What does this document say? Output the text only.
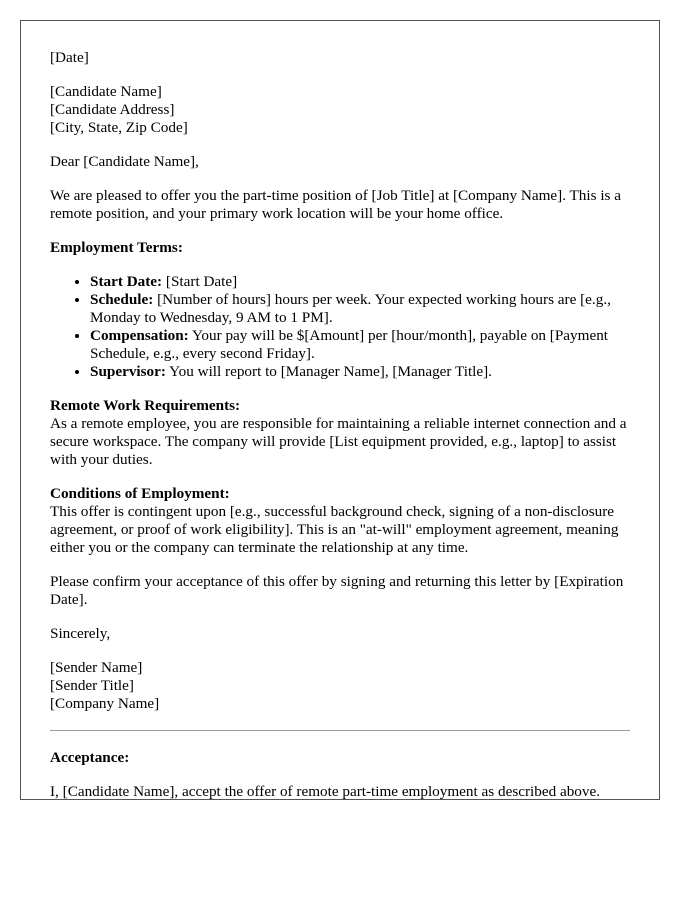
[Date]

[Candidate Name]
[Candidate Address]
[City, State, Zip Code]

Dear [Candidate Name],

We are pleased to offer you the part-time position of [Job Title] at [Company Name]. This is a remote position, and your primary work location will be your home office.

Employment Terms:

• Start Date: [Start Date]
• Schedule: [Number of hours] hours per week. Your expected working hours are [e.g., Monday to Wednesday, 9 AM to 1 PM].
• Compensation: Your pay will be $[Amount] per [hour/month], payable on [Payment Schedule, e.g., every second Friday].
• Supervisor: You will report to [Manager Name], [Manager Title].

Remote Work Requirements:
As a remote employee, you are responsible for maintaining a reliable internet connection and a secure workspace. The company will provide [List equipment provided, e.g., laptop] to assist with your duties.

Conditions of Employment:
This offer is contingent upon [e.g., successful background check, signing of a non-disclosure agreement, or proof of work eligibility]. This is an "at-will" employment agreement, meaning either you or the company can terminate the relationship at any time.

Please confirm your acceptance of this offer by signing and returning this letter by [Expiration Date].

Sincerely,

[Sender Name]
[Sender Title]
[Company Name]

Acceptance:

I, [Candidate Name], accept the offer of remote part-time employment as described above.
